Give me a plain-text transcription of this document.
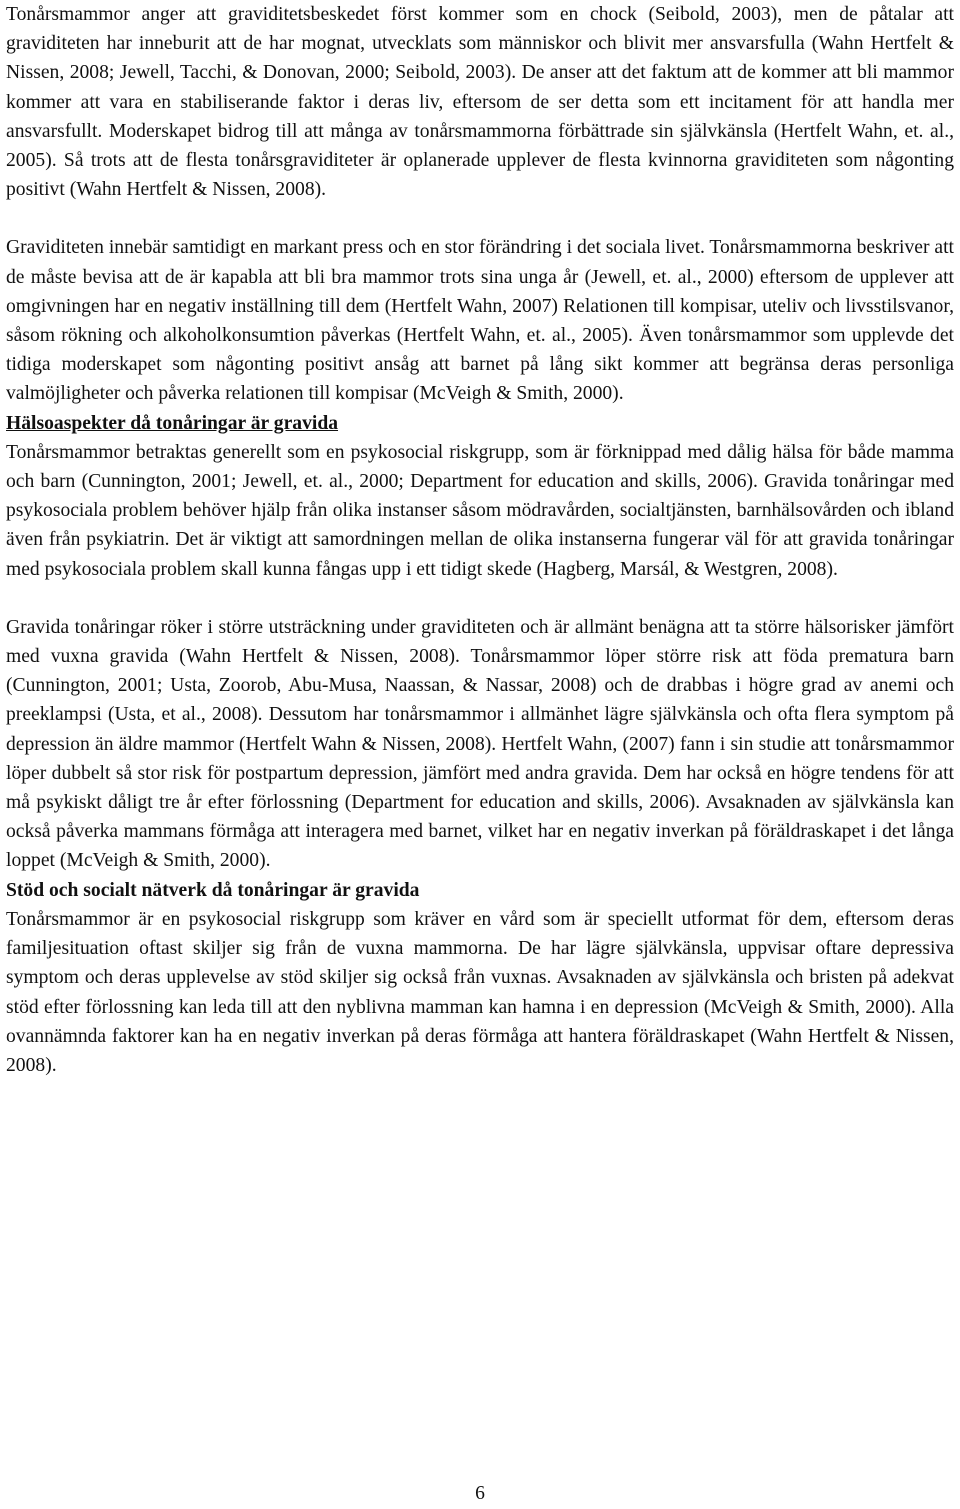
Tonårsmammor anger att graviditetsbeskedet först kommer som en chock (Seibold, 2003), men de påtalar att graviditeten har inneburit att de har mognat, utvecklats som människor och blivit mer ansvarsfulla (Wahn Hertfelt & Nissen, 2008; Jewell, Tacchi, & Donovan, 2000; Seibold, 2003). De anser att det faktum att de kommer att bli mammor kommer att vara en stabiliserande faktor i deras liv, eftersom de ser detta som ett incitament för att handla mer ansvarsfullt. Moderskapet bidrog till att många av tonårsmammorna förbättrade sin självkänsla (Hertfelt Wahn, et. al., 2005). Så trots att de flesta tonårsgraviditeter är oplanerade upplever de flesta kvinnorna graviditeten som någonting positivt (Wahn Hertfelt & Nissen, 2008).

Graviditeten innebär samtidigt en markant press och en stor förändring i det sociala livet. Tonårsmammorna beskriver att de måste bevisa att de är kapabla att bli bra mammor trots sina unga år (Jewell, et. al., 2000) eftersom de upplever att omgivningen har en negativ inställning till dem (Hertfelt Wahn, 2007) Relationen till kompisar, uteliv och livsstilsvanor, såsom rökning och alkoholkonsumtion påverkas (Hertfelt Wahn, et. al., 2005). Även tonårsmammor som upplevde det tidiga moderskapet som någonting positivt ansåg att barnet på lång sikt kommer att begränsa deras personliga valmöjligheter och påverka relationen till kompisar (McVeigh & Smith, 2000).

Hälsoaspekter då tonåringar är gravida

Tonårsmammor betraktas generellt som en psykosocial riskgrupp, som är förknippad med dålig hälsa för både mamma och barn (Cunnington, 2001; Jewell, et. al., 2000; Department for education and skills, 2006). Gravida tonåringar med psykosociala problem behöver hjälp från olika instanser såsom mödravården, socialtjänsten, barnhälsovården och ibland även från psykiatrin. Det är viktigt att samordningen mellan de olika instanserna fungerar väl för att gravida tonåringar med psykosociala problem skall kunna fångas upp i ett tidigt skede (Hagberg, Marsál, & Westgren, 2008).

Gravida tonåringar röker i större utsträckning under graviditeten och är allmänt benägna att ta större hälsorisker jämfört med vuxna gravida (Wahn Hertfelt & Nissen, 2008). Tonårsmammor löper större risk att föda prematura barn (Cunnington, 2001; Usta, Zoorob, Abu-Musa, Naassan, & Nassar, 2008) och de drabbas i högre grad av anemi och preeklampsi (Usta, et al., 2008). Dessutom har tonårsmammor i allmänhet lägre självkänsla och ofta flera symptom på depression än äldre mammor (Hertfelt Wahn & Nissen, 2008). Hertfelt Wahn, (2007) fann i sin studie att tonårsmammor löper dubbelt så stor risk för postpartum depression, jämfört med andra gravida. Dem har också en högre tendens för att må psykiskt dåligt tre år efter förlossning (Department for education and skills, 2006). Avsaknaden av självkänsla kan också påverka mammans förmåga att interagera med barnet, vilket har en negativ inverkan på föräldraskapet i det långa loppet (McVeigh & Smith, 2000).

Stöd och socialt nätverk då tonåringar är gravida

Tonårsmammor är en psykosocial riskgrupp som kräver en vård som är speciellt utformat för dem, eftersom deras familjesituation oftast skiljer sig från de vuxna mammorna. De har lägre självkänsla, uppvisar oftare depressiva symptom och deras upplevelse av stöd skiljer sig också från vuxnas. Avsaknaden av självkänsla och bristen på adekvat stöd efter förlossning kan leda till att den nyblivna mamman kan hamna i en depression (McVeigh & Smith, 2000). Alla ovannämnda faktorer kan ha en negativ inverkan på deras förmåga att hantera föräldraskapet (Wahn Hertfelt & Nissen, 2008).

6
